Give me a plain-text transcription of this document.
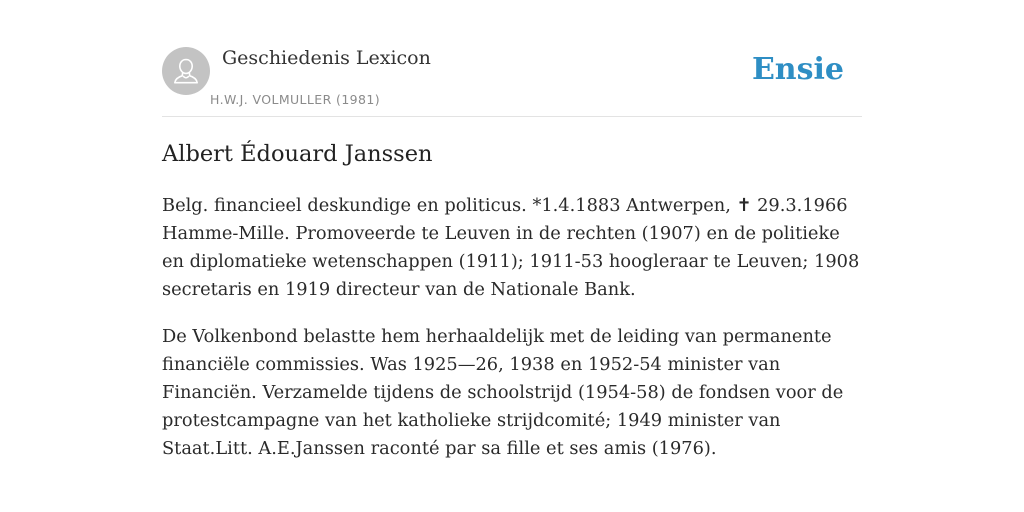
Geschiedenis Lexicon
H.W.J. VOLMULLER (1981)
Ensie
Albert Édouard Janssen

Belg. financieel deskundige en politicus. *1.4.1883 Antwerpen, ✝ 29.3.1966 Hamme-Mille. Promoveerde te Leuven in de rechten (1907) en de politieke en diplomatieke wetenschappen (1911); 1911-53 hoogleraar te Leuven; 1908 secretaris en 1919 directeur van de Nationale Bank.

De Volkenbond belastte hem herhaaldelijk met de leiding van permanente financiële commissies. Was 1925—26, 1938 en 1952-54 minister van Financiën. Verzamelde tijdens de schoolstrijd (1954-58) de fondsen voor de protestcampagne van het katholieke strijdcomité; 1949 minister van Staat.Litt. A.E.Janssen raconté par sa fille et ses amis (1976).
